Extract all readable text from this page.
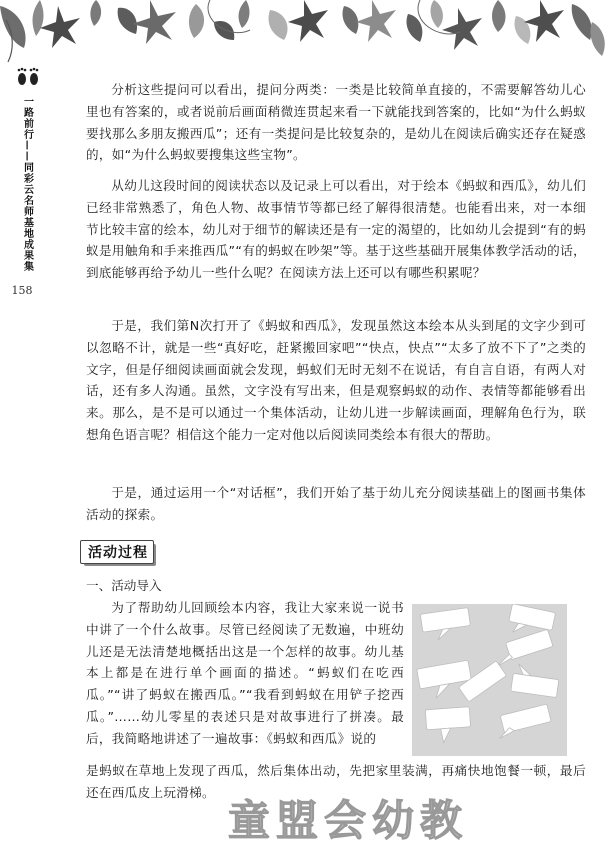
一路前行——同彩云名师基地成果集
158

分析这些提问可以看出，提问分两类：一类是比较简单直接的，不需要解答幼儿心里也有答案的，或者说前后画面稍微连贯起来看一下就能找到答案的，比如“为什么蚂蚁要找那么多朋友搬西瓜”；还有一类提问是比较复杂的，是幼儿在阅读后确实还存在疑惑的，如“为什么蚂蚁要搜集这些宝物”。

从幼儿这段时间的阅读状态以及记录上可以看出，对于绘本《蚂蚁和西瓜》，幼儿们已经非常熟悉了，角色人物、故事情节等都已经了解得很清楚。也能看出来，对一本细节比较丰富的绘本，幼儿对于细节的解读还是有一定的渴望的，比如幼儿会提到“有的蚂蚁是用触角和手来推西瓜”“有的蚂蚁在吵架”等。基于这些基础开展集体教学活动的话，到底能够再给予幼儿一些什么呢？在阅读方法上还可以有哪些积累呢？

于是，我们第N次打开了《蚂蚁和西瓜》，发现虽然这本绘本从头到尾的文字少到可以忽略不计，就是一些“真好吃，赶紧搬回家吧”“快点，快点”“太多了放不下了”之类的文字，但是仔细阅读画面就会发现，蚂蚁们无时无刻不在说话，有自言自语，有两人对话，还有多人沟通。虽然，文字没有写出来，但是观察蚂蚁的动作、表情等都能够看出来。那么，是不是可以通过一个集体活动，让幼儿进一步解读画面，理解角色行为，联想角色语言呢？相信这个能力一定对他以后阅读同类绘本有很大的帮助。

于是，通过运用一个“对话框”，我们开始了基于幼儿充分阅读基础上的图画书集体活动的探索。

活动过程
一、活动导入

为了帮助幼儿回顾绘本内容，我让大家来说一说书中讲了一个什么故事。尽管已经阅读了无数遍，中班幼儿还是无法清楚地概括出这是一个怎样的故事。幼儿基本上都是在进行单个画面的描述。“蚂蚁们在吃西瓜。”“讲了蚂蚁在搬西瓜。”“我看到蚂蚁在用铲子挖西瓜。”……幼儿零星的表述只是对故事进行了拼凑。最后，我简略地讲述了一遍故事：《蚂蚁和西瓜》说的

是蚂蚁在草地上发现了西瓜，然后集体出动，先把家里装满，再痛快地饱餐一顿，最后还在西瓜皮上玩滑梯。

童盟会幼教
